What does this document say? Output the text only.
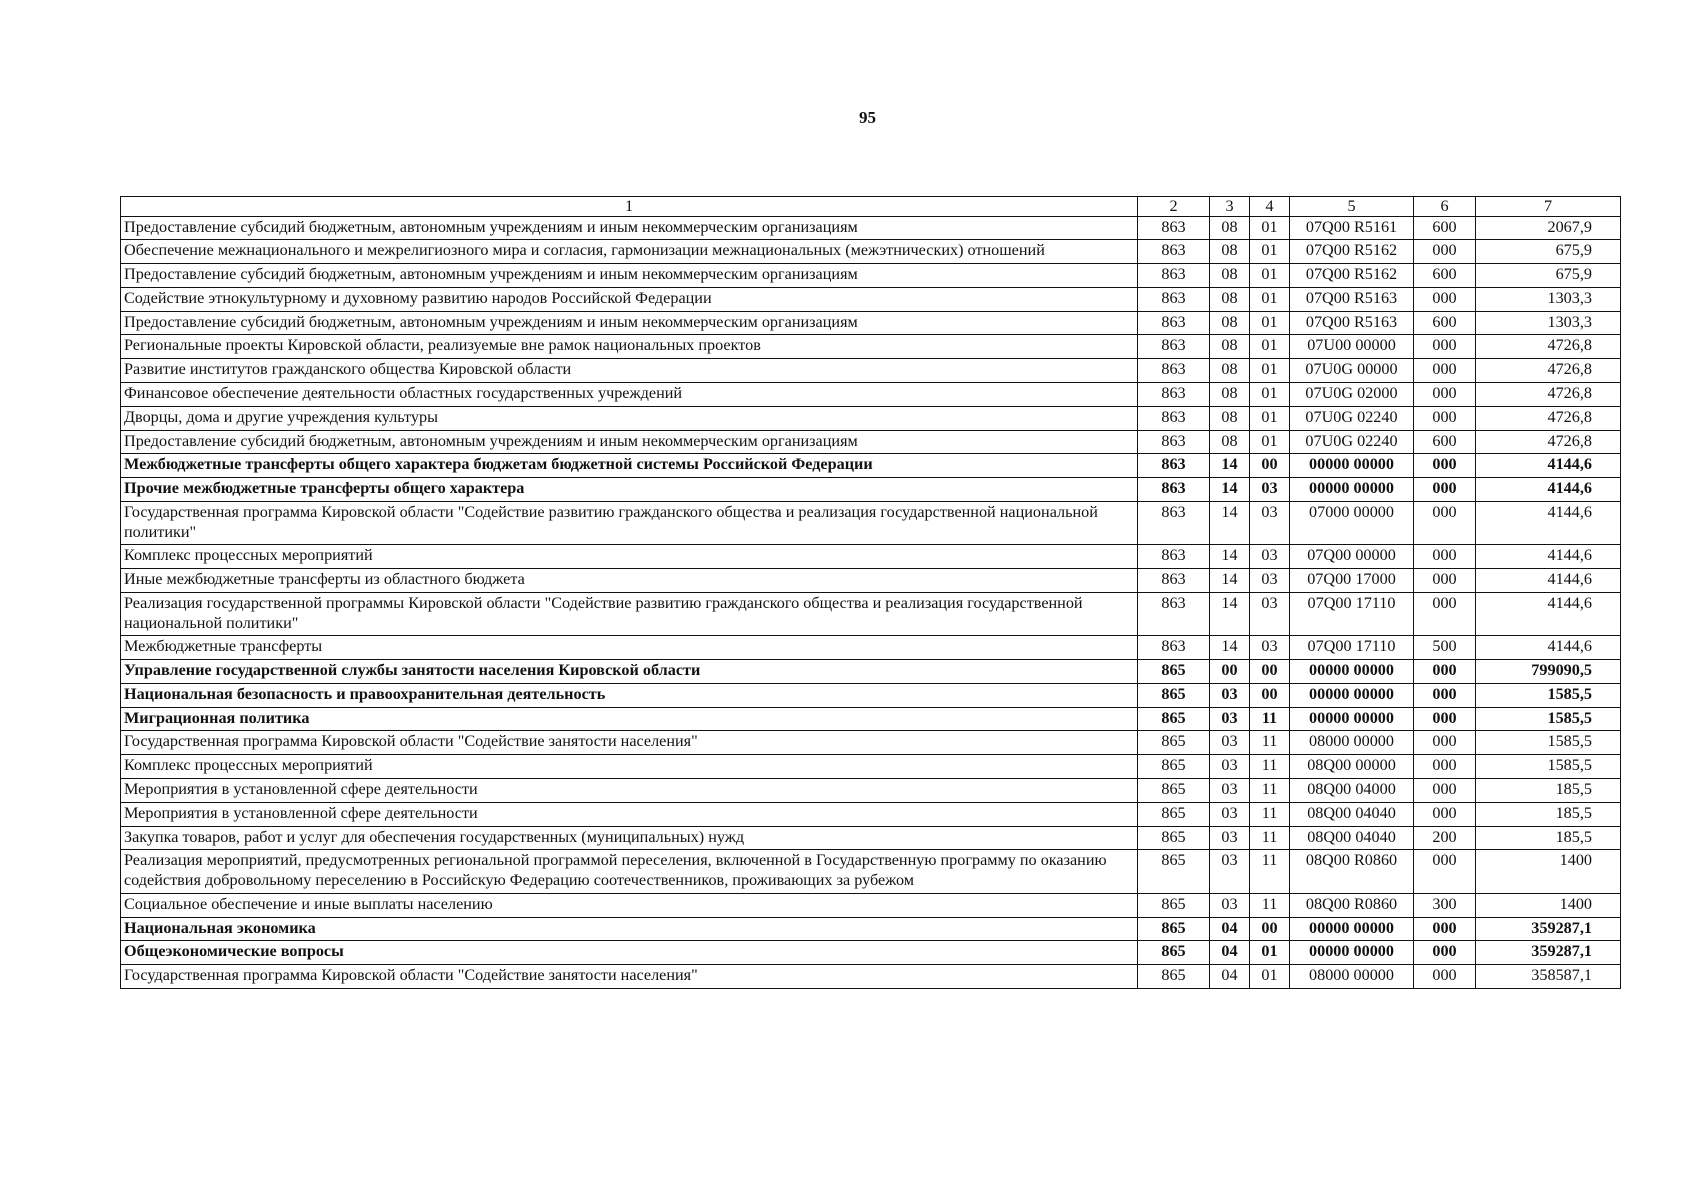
95
1	2	3	4	5	6	7
Предоставление субсидий бюджетным, автономным учреждениям и иным некоммерческим организациям	863	08	01	07Q00 R5161	600	2067,9
Обеспечение межнационального и межрелигиозного мира и согласия, гармонизации межнациональных (межэтнических) отношений	863	08	01	07Q00 R5162	000	675,9
Предоставление субсидий бюджетным, автономным учреждениям и иным некоммерческим организациям	863	08	01	07Q00 R5162	600	675,9
Содействие этнокультурному и духовному развитию народов Российской Федерации	863	08	01	07Q00 R5163	000	1303,3
Предоставление субсидий бюджетным, автономным учреждениям и иным некоммерческим организациям	863	08	01	07Q00 R5163	600	1303,3
Региональные проекты Кировской области, реализуемые вне рамок национальных проектов	863	08	01	07U00 00000	000	4726,8
Развитие институтов гражданского общества Кировской области	863	08	01	07U0G 00000	000	4726,8
Финансовое обеспечение деятельности областных государственных учреждений	863	08	01	07U0G 02000	000	4726,8
Дворцы, дома и другие учреждения культуры	863	08	01	07U0G 02240	000	4726,8
Предоставление субсидий бюджетным, автономным учреждениям и иным некоммерческим организациям	863	08	01	07U0G 02240	600	4726,8
Межбюджетные трансферты общего характера бюджетам бюджетной системы Российской Федерации	863	14	00	00000 00000	000	4144,6
Прочие межбюджетные трансферты общего характера	863	14	03	00000 00000	000	4144,6
Государственная программа Кировской области "Содействие развитию гражданского общества и реализация государственной национальной политики"	863	14	03	07000 00000	000	4144,6
Комплекс процессных мероприятий	863	14	03	07Q00 00000	000	4144,6
Иные межбюджетные трансферты из областного бюджета	863	14	03	07Q00 17000	000	4144,6
Реализация государственной программы Кировской области "Содействие развитию гражданского общества и реализация государственной национальной политики"	863	14	03	07Q00 17110	000	4144,6
Межбюджетные трансферты	863	14	03	07Q00 17110	500	4144,6
Управление государственной службы занятости населения Кировской области	865	00	00	00000 00000	000	799090,5
Национальная безопасность и правоохранительная деятельность	865	03	00	00000 00000	000	1585,5
Миграционная политика	865	03	11	00000 00000	000	1585,5
Государственная программа Кировской области "Содействие занятости населения"	865	03	11	08000 00000	000	1585,5
Комплекс процессных мероприятий	865	03	11	08Q00 00000	000	1585,5
Мероприятия в установленной сфере деятельности	865	03	11	08Q00 04000	000	185,5
Мероприятия в установленной сфере деятельности	865	03	11	08Q00 04040	000	185,5
Закупка товаров, работ и услуг для обеспечения государственных (муниципальных) нужд	865	03	11	08Q00 04040	200	185,5
Реализация мероприятий, предусмотренных региональной программой переселения, включенной в Государственную программу по оказанию содействия добровольному переселению в Российскую Федерацию соотечественников, проживающих за рубежом	865	03	11	08Q00 R0860	000	1400
Социальное обеспечение и иные выплаты населению	865	03	11	08Q00 R0860	300	1400
Национальная экономика	865	04	00	00000 00000	000	359287,1
Общеэкономические вопросы	865	04	01	00000 00000	000	359287,1
Государственная программа Кировской области "Содействие занятости населения"	865	04	01	08000 00000	000	358587,1
